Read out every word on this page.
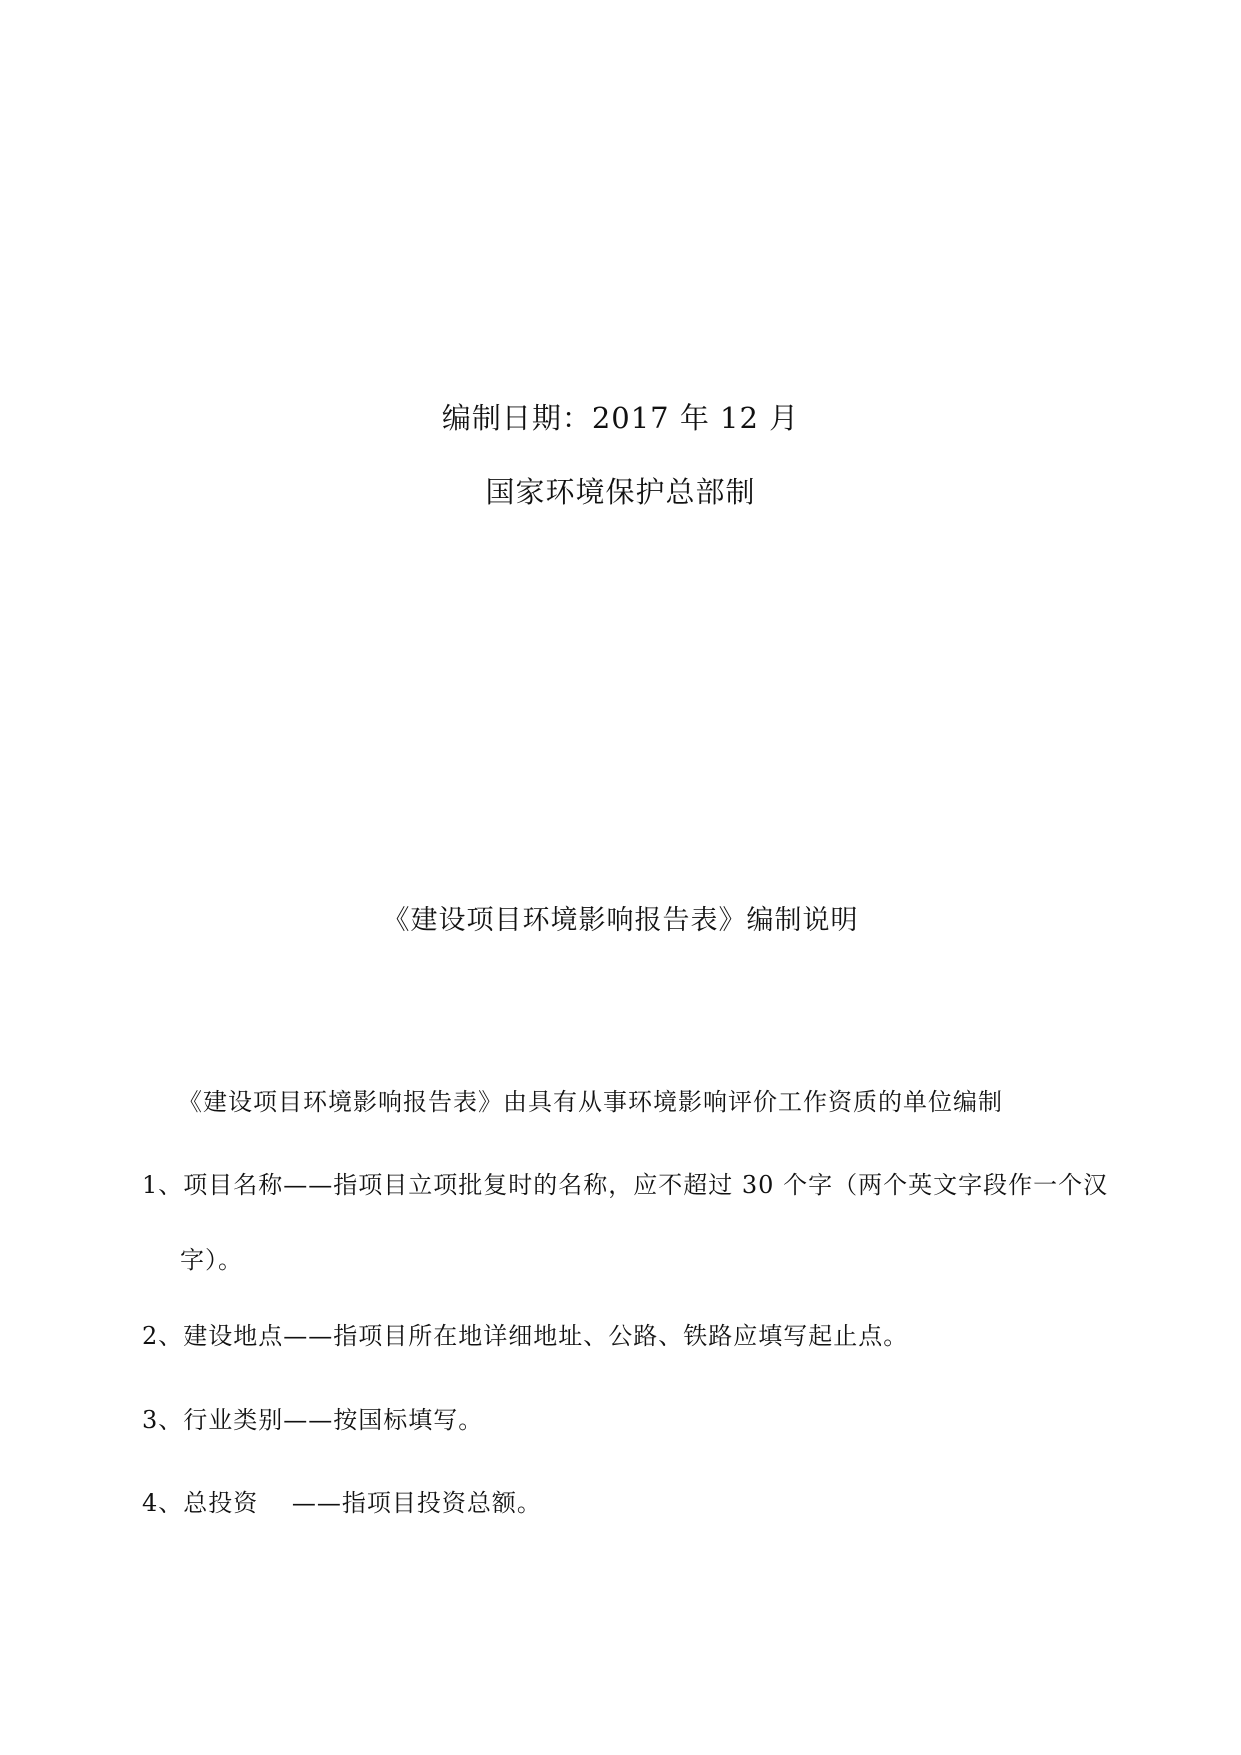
编制日期：2017 年 12 月
国家环境保护总部制
《建设项目环境影响报告表》编制说明
《建设项目环境影响报告表》由具有从事环境影响评价工作资质的单位编制
1、项目名称——指项目立项批复时的名称，应不超过 30 个字（两个英文字段作一个汉
字）。
2、建设地点——指项目所在地详细地址、公路、铁路应填写起止点。
3、行业类别——按国标填写。
4、总投资 　——指项目投资总额。
